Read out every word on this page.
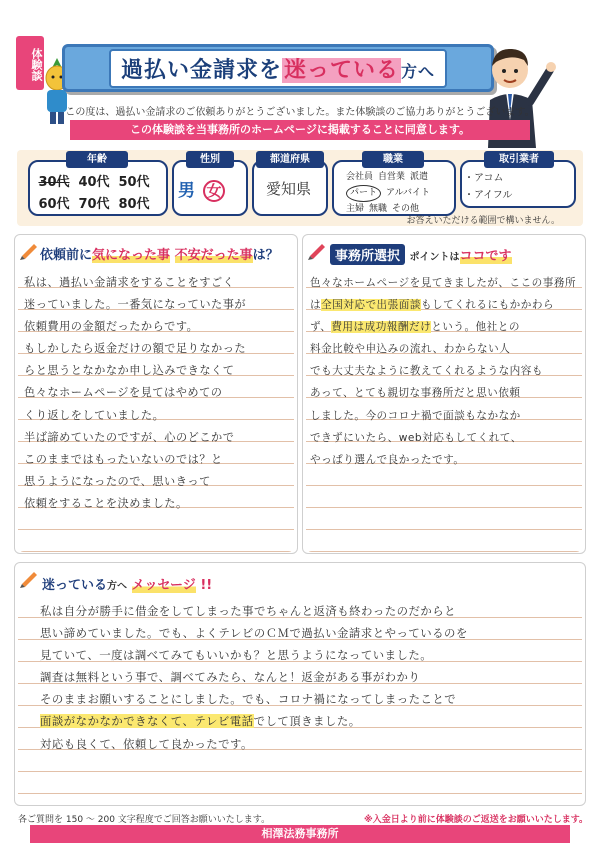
体験談	過払い金請求を迷っている 方へ
この度は、過払い金請求のご依頼ありがとうございました。また体験談のご協力ありがとうございます。
この体験談を当事務所のホームページに掲載することに同意します。
年齢
30代 40代 50代
60代 70代 80代
性別
男 女
都道府県
愛知県
職業
会社員 自営業 派遣
パート アルバイト
主婦 無職 その他
取引業者
・アコム
・アイフル
お答えいただける範囲で構いません。
依頼前に気になった事 不安だった事は？
私は、過払い金請求をすることをすごく
迷っていました。一番気になっていた事が
依頼費用の金額だったからです。
もしかしたら返金だけの額で足りなかった
らと思うとなかなか申し込みできなくて
色々なホームページを見てはやめての
くり返しをしていました。
半ば諦めていたのですが、心のどこかで
このままではもったいないのでは？と
思うようになったので、思いきって
依頼をすることを決めました。
事務所選択 ポイントはココです
色々なホームページを見てきましたが、ここの事務所
は全国対応で出張面談もしてくれるにもかかわら
ず、費用は成功報酬だけという。他社との
料金比較や申込みの流れ、わからない人
でも大丈夫なように教えてくれるような内容も
あって、とても親切な事務所だと思い依頼
しました。今のコロナ禍で面談もなかなか
できずにいたら、web対応もしてくれて、
やっぱり選んで良かったです。
迷っている方へ メッセージ !!
私は自分が勝手に借金をしてしまった事でちゃんと返済も終わったのだからと
思い諦めていました。でも、よくテレビのＣＭで過払い金請求とやっているのを
見ていて、一度は調べてみてもいいかも？と思うようになっていました。
調査は無料という事で、調べてみたら、なんと！返金がある事がわかり
そのままお願いすることにしました。でも、コロナ禍になってしまったことで
面談がなかなかできなくて、テレビ電話でして頂きました。
対応も良くて、依頼して良かったです。
各ご質問を 150 〜 200 文字程度でご回答お願いいたします。	※入金日より前に体験談のご返送をお願いいたします。
相澤法務事務所
